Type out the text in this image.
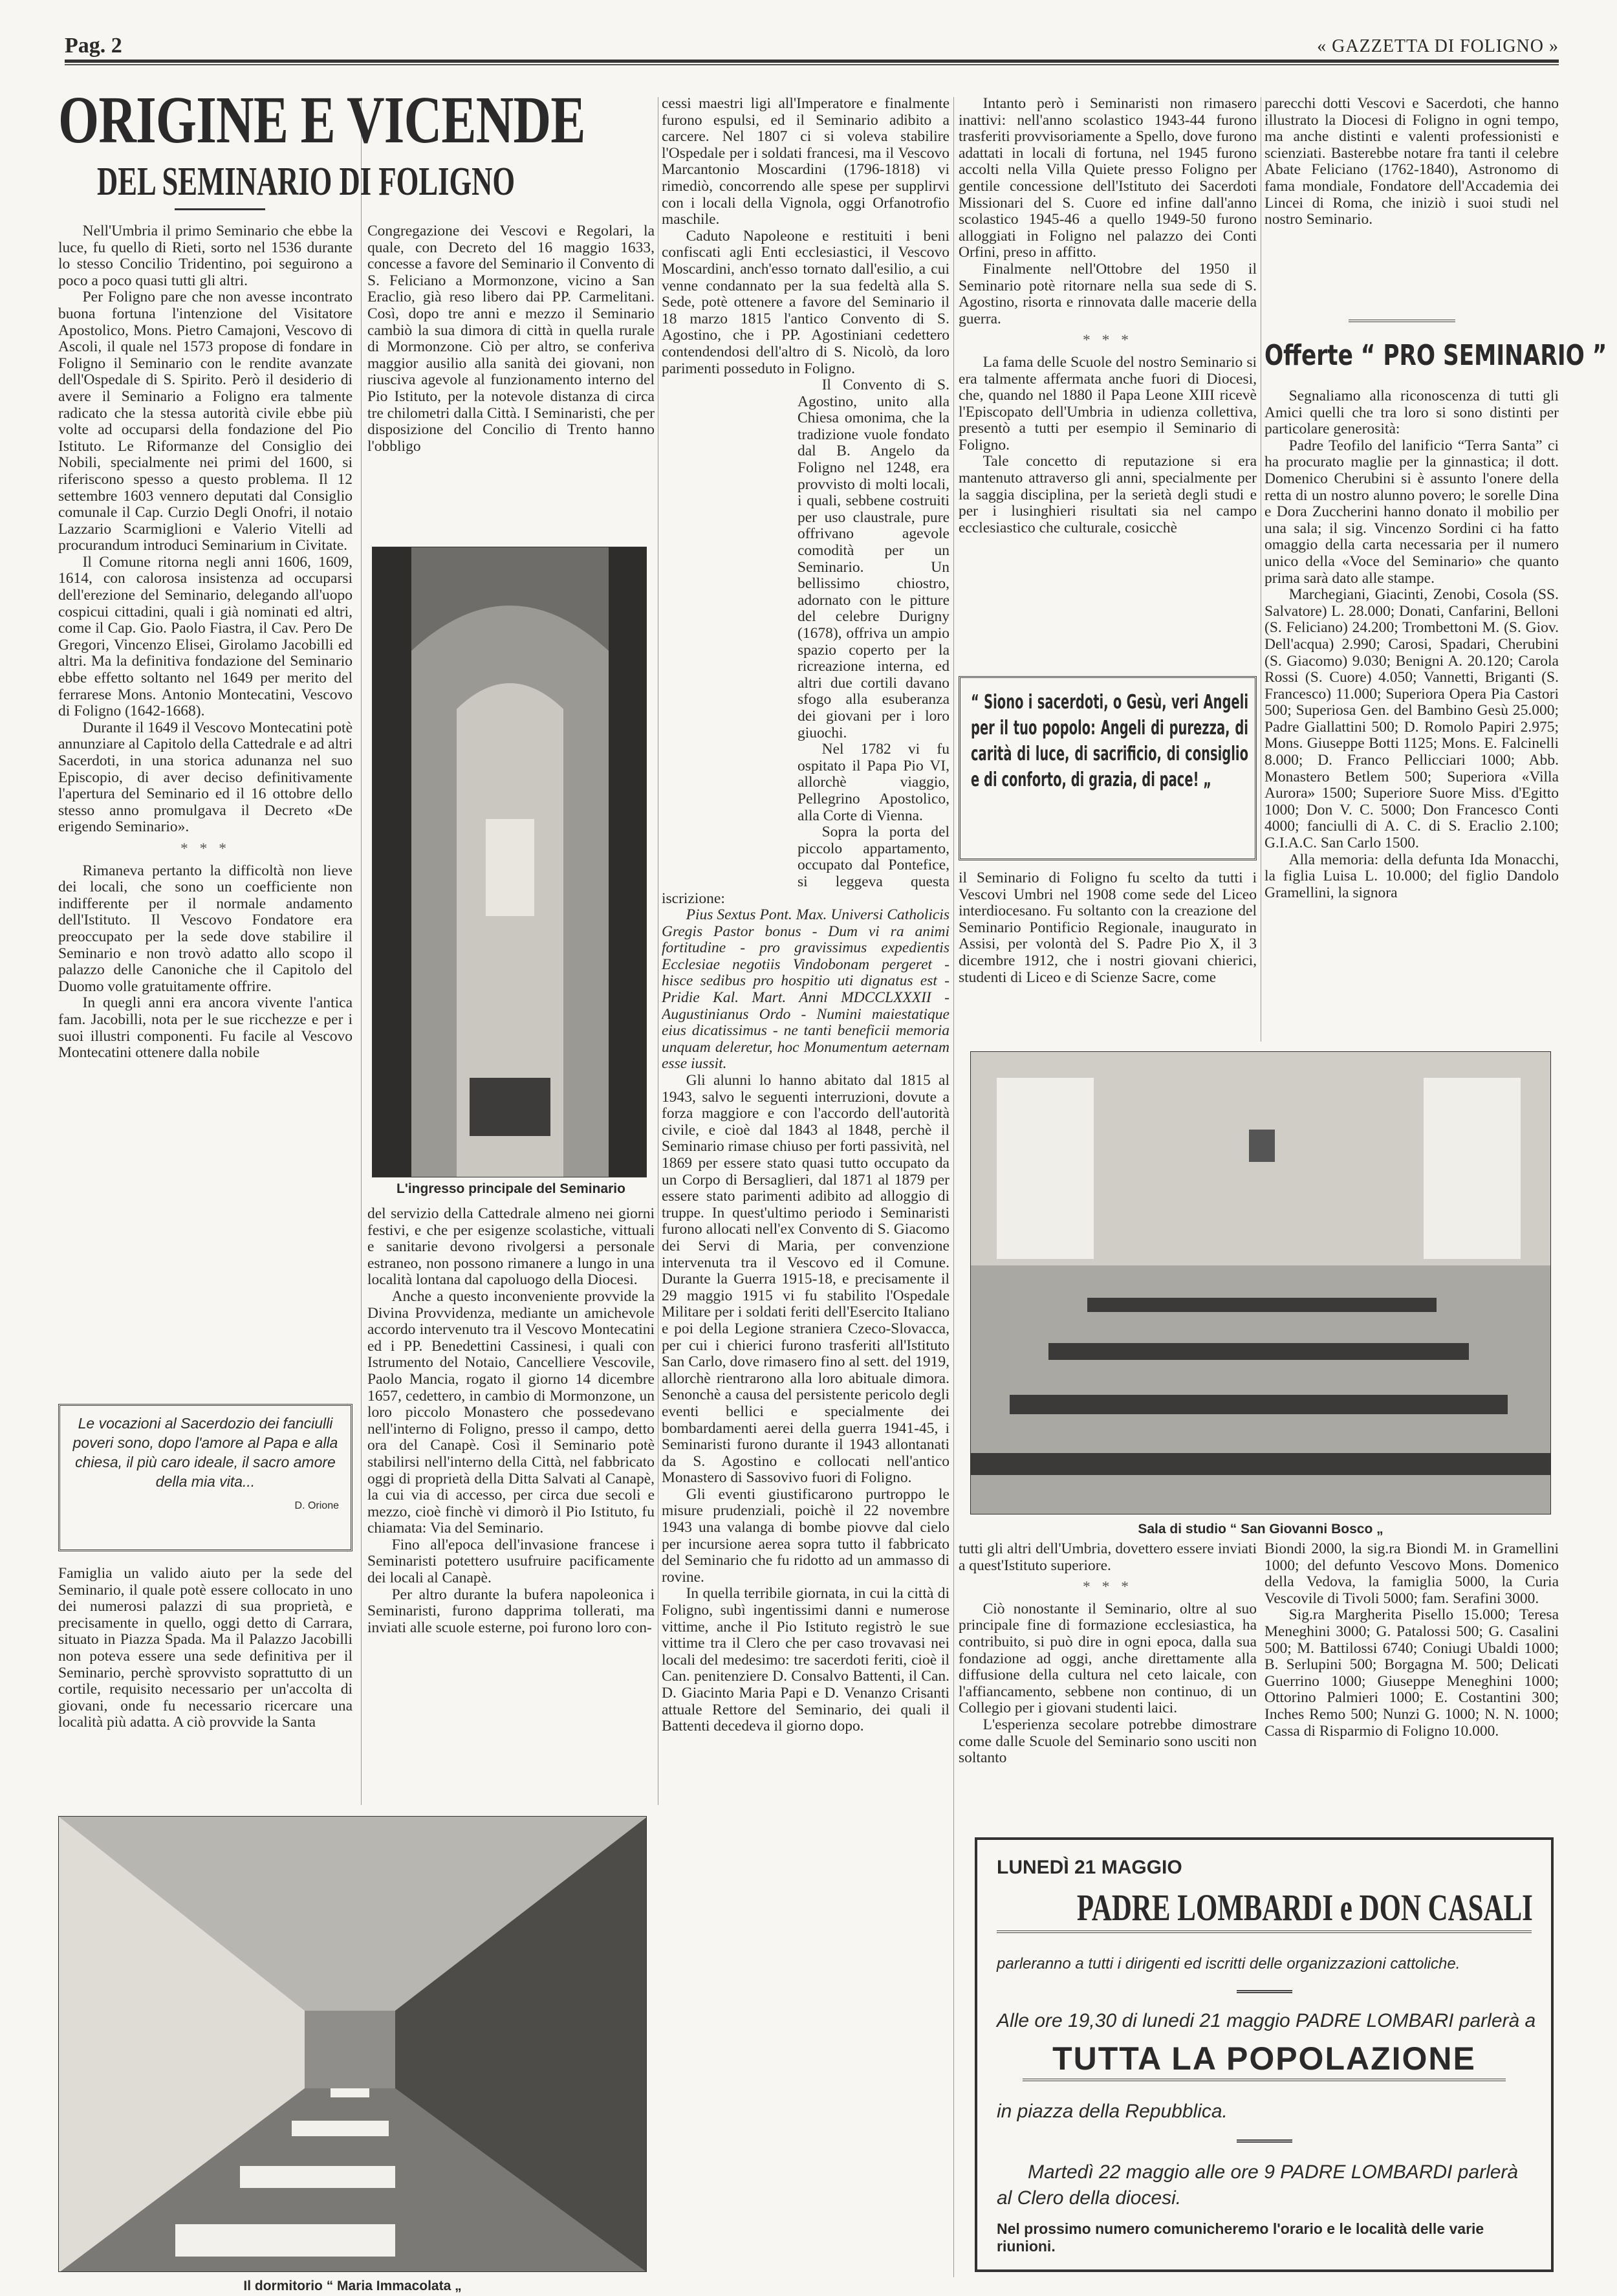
Pag. 2	« GAZZETTA DI FOLIGNO »
ORIGINE E VICENDE
DEL SEMINARIO DI FOLIGNO

Nell'Umbria il primo Seminario che ebbe la luce, fu quello di Rieti, sorto nel 1536 durante lo stesso Concilio Tridentino, poi seguirono a poco a poco quasi tutti gli altri.

Per Foligno pare che non avesse incontrato buona fortuna l'intenzione del Visitatore Apostolico, Mons. Pietro Camajoni, Vescovo di Ascoli, il quale nel 1573 propose di fondare in Foligno il Seminario con le rendite avanzate dell'Ospedale di S. Spirito. Però il desiderio di avere il Seminario a Foligno era talmente radicato che la stessa autorità civile ebbe più volte ad occuparsi della fondazione del Pio Istituto. Le Riformanze del Consiglio dei Nobili, specialmente nei primi del 1600, si riferiscono spesso a questo problema. Il 12 settembre 1603 vennero deputati dal Consiglio comunale il Cap. Curzio Degli Onofri, il notaio Lazzario Scarmiglioni e Valerio Vitelli ad procurandum introduci Seminarium in Civitate.

Il Comune ritorna negli anni 1606, 1609, 1614, con calorosa insistenza ad occuparsi dell'erezione del Seminario, delegando all'uopo cospicui cittadini, quali i già nominati ed altri, come il Cap. Gio. Paolo Fiastra, il Cav. Pero De Gregori, Vincenzo Elisei, Girolamo Jacobilli ed altri. Ma la definitiva fondazione del Seminario ebbe effetto soltanto nel 1649 per merito del ferrarese Mons. Antonio Montecatini, Vescovo di Foligno (1642-1668).

Durante il 1649 il Vescovo Montecatini potè annunziare al Capitolo della Cattedrale e ad altri Sacerdoti, in una storica adunanza nel suo Episcopio, di aver deciso definitivamente l'apertura del Seminario ed il 16 ottobre dello stesso anno promulgava il Decreto «De erigendo Seminario».

* * *

Rimaneva pertanto la difficoltà non lieve dei locali, che sono un coefficiente non indifferente per il normale andamento dell'Istituto. Il Vescovo Fondatore era preoccupato per la sede dove stabilire il Seminario e non trovò adatto allo scopo il palazzo delle Canoniche che il Capitolo del Duomo volle gratuitamente offrire.

In quegli anni era ancora vivente l'antica fam. Jacobilli, nota per le sue ricchezze e per i suoi illustri componenti. Fu facile al Vescovo Montecatini ottenere dalla nobile

Le vocazioni al Sacerdozio dei fanciulli poveri sono, dopo l'amore al Papa e alla chiesa, il più caro ideale, il sacro amore della mia vita...
D. Orione

Famiglia un valido aiuto per la sede del Seminario, il quale potè essere collocato in uno dei numerosi palazzi di sua proprietà, e precisamente in quello, oggi detto di Carrara, situato in Piazza Spada. Ma il Palazzo Jacobilli non poteva essere una sede definitiva per il Seminario, perchè sprovvisto soprattutto di un cortile, requisito necessario per un'accolta di giovani, onde fu necessario ricercare una località più adatta. A ciò provvide la Santa

Congregazione dei Vescovi e Regolari, la quale, con Decreto del 16 maggio 1633, concesse a favore del Seminario il Convento di S. Feliciano a Mormonzone, vicino a San Eraclio, già reso libero dai PP. Carmelitani. Così, dopo tre anni e mezzo il Seminario cambiò la sua dimora di città in quella rurale di Mormonzone. Ciò per altro, se conferiva maggior ausilio alla sanità dei giovani, non riusciva agevole al funzionamento interno del Pio Istituto, per la notevole distanza di circa tre chilometri dalla Città. I Seminaristi, che per disposizione del Concilio di Trento hanno l'obbligo

L'ingresso principale del Seminario

del servizio della Cattedrale almeno nei giorni festivi, e che per esigenze scolastiche, vittuali e sanitarie devono rivolgersi a personale estraneo, non possono rimanere a lungo in una località lontana dal capoluogo della Diocesi.

Anche a questo inconveniente provvide la Divina Provvidenza, mediante un amichevole accordo intervenuto tra il Vescovo Montecatini ed i PP. Benedettini Cassinesi, i quali con Istrumento del Notaio, Cancelliere Vescovile, Paolo Mancia, rogato il giorno 14 dicembre 1657, cedettero, in cambio di Mormonzone, un loro piccolo Monastero che possedevano nell'interno di Foligno, presso il campo, detto ora del Canapè. Così il Seminario potè stabilirsi nell'interno della Città, nel fabbricato oggi di proprietà della Ditta Salvati al Canapè, la cui via di accesso, per circa due secoli e mezzo, cioè finchè vi dimorò il Pio Istituto, fu chiamata: Via del Seminario.

Fino all'epoca dell'invasione francese i Seminaristi potettero usufruire pacificamente dei locali al Canapè.

Per altro durante la bufera napoleonica i Seminaristi, furono dapprima tollerati, ma inviati alle scuole esterne, poi furono loro con-

cessi maestri ligi all'Imperatore e finalmente furono espulsi, ed il Seminario adibito a carcere. Nel 1807 ci si voleva stabilire l'Ospedale per i soldati francesi, ma il Vescovo Marcantonio Moscardini (1796-1818) vi rimediò, concorrendo alle spese per supplirvi con i locali della Vignola, oggi Orfanotrofio maschile.

Caduto Napoleone e restituiti i beni confiscati agli Enti ecclesiastici, il Vescovo Moscardini, anch'esso tornato dall'esilio, a cui venne condannato per la sua fedeltà alla S. Sede, potè ottenere a favore del Seminario il 18 marzo 1815 l'antico Convento di S. Agostino, che i PP. Agostiniani cedettero contendendosi dell'altro di S. Nicolò, da loro parimenti posseduto in Foligno.

Il Convento di S. Agostino, unito alla Chiesa omonima, che la tradizione vuole fondato dal B. Angelo da Foligno nel 1248, era provvisto di molti locali, i quali, sebbene costruiti per uso claustrale, pure offrivano agevole comodità per un Seminario. Un bellissimo chiostro, adornato con le pitture del celebre Durigny (1678), offriva un ampio spazio coperto per la ricreazione interna, ed altri due cortili davano sfogo alla esuberanza dei giovani per i loro giuochi.

Nel 1782 vi fu ospitato il Papa Pio VI, allorchè viaggio, Pellegrino Apostolico, alla Corte di Vienna.

Sopra la porta del piccolo appartamento, occupato dal Pontefice, si leggeva questa iscrizione:

Pius Sextus Pont. Max. Universi Catholicis Gregis Pastor bonus - Dum vi ra animi fortitudine - pro gravissimus expedientis Ecclesiae negotiis Vindobonam pergeret - hisce sedibus pro hospitio uti dignatus est - Pridie Kal. Mart. Anni MDCCLXXXII - Augustinianus Ordo - Numini maiestatique eius dicatissimus - ne tanti beneficii memoria unquam deleretur, hoc Monumentum aeternam esse iussit.

Gli alunni lo hanno abitato dal 1815 al 1943, salvo le seguenti interruzioni, dovute a forza maggiore e con l'accordo dell'autorità civile, e cioè dal 1843 al 1848, perchè il Seminario rimase chiuso per forti passività, nel 1869 per essere stato quasi tutto occupato da un Corpo di Bersaglieri, dal 1871 al 1879 per essere stato parimenti adibito ad alloggio di truppe. In quest'ultimo periodo i Seminaristi furono allocati nell'ex Convento di S. Giacomo dei Servi di Maria, per convenzione intervenuta tra il Vescovo ed il Comune. Durante la Guerra 1915-18, e precisamente il 29 maggio 1915 vi fu stabilito l'Ospedale Militare per i soldati feriti dell'Esercito Italiano e poi della Legione straniera Czeco-Slovacca, per cui i chierici furono trasferiti all'Istituto San Carlo, dove rimasero fino al sett. del 1919, allorchè rientrarono alla loro abituale dimora. Senonchè a causa del persistente pericolo degli eventi bellici e specialmente dei bombardamenti aerei della guerra 1941-45, i Seminaristi furono durante il 1943 allontanati da S. Agostino e collocati nell'antico Monastero di Sassovivo fuori di Foligno.

Gli eventi giustificarono purtroppo le misure prudenziali, poichè il 22 novembre 1943 una valanga di bombe piovve dal cielo per incursione aerea sopra tutto il fabbricato del Seminario che fu ridotto ad un ammasso di rovine.

In quella terribile giornata, in cui la città di Foligno, subì ingentissimi danni e numerose vittime, anche il Pio Istituto registrò le sue vittime tra il Clero che per caso trovavasi nei locali del medesimo: tre sacerdoti feriti, cioè il Can. penitenziere D. Consalvo Battenti, il Can. D. Giacinto Maria Papi e D. Venanzo Crisanti attuale Rettore del Seminario, dei quali il Battenti decedeva il giorno dopo.

Intanto però i Seminaristi non rimasero inattivi: nell'anno scolastico 1943-44 furono trasferiti provvisoriamente a Spello, dove furono adattati in locali di fortuna, nel 1945 furono accolti nella Villa Quiete presso Foligno per gentile concessione dell'Istituto dei Sacerdoti Missionari del S. Cuore ed infine dall'anno scolastico 1945-46 a quello 1949-50 furono alloggiati in Foligno nel palazzo dei Conti Orfini, preso in affitto.

Finalmente nell'Ottobre del 1950 il Seminario potè ritornare nella sua sede di S. Agostino, risorta e rinnovata dalle macerie della guerra.

* * *

La fama delle Scuole del nostro Seminario si era talmente affermata anche fuori di Diocesi, che, quando nel 1880 il Papa Leone XIII ricevè l'Episcopato dell'Umbria in udienza collettiva, presentò a tutti per esempio il Seminario di Foligno.

Tale concetto di reputazione si era mantenuto attraverso gli anni, specialmente per la saggia disciplina, per la serietà degli studi e per i lusinghieri risultati sia nel campo ecclesiastico che culturale, cosicchè

“ Siono i sacerdoti, o Gesù, veri Angeli per il tuo popolo: Angeli di purezza, di carità di luce, di sacrificio, di consiglio e di conforto, di grazia, di pace! „

il Seminario di Foligno fu scelto da tutti i Vescovi Umbri nel 1908 come sede del Liceo interdiocesano. Fu soltanto con la creazione del Seminario Pontificio Regionale, inaugurato in Assisi, per volontà del S. Padre Pio X, il 3 dicembre 1912, che i nostri giovani chierici, studenti di Liceo e di Scienze Sacre, come

parecchi dotti Vescovi e Sacerdoti, che hanno illustrato la Diocesi di Foligno in ogni tempo, ma anche distinti e valenti professionisti e scienziati. Basterebbe notare fra tanti il celebre Abate Feliciano (1762-1840), Astronomo di fama mondiale, Fondatore dell'Accademia dei Lincei di Roma, che iniziò i suoi studi nel nostro Seminario.

Offerte “ PRO SEMINARIO ”

Segnaliamo alla riconoscenza di tutti gli Amici quelli che tra loro si sono distinti per particolare generosità:

Padre Teofilo del lanificio “Terra Santa” ci ha procurato maglie per la ginnastica; il dott. Domenico Cherubini si è assunto l'onere della retta di un nostro alunno povero; le sorelle Dina e Dora Zuccherini hanno donato il mobilio per una sala; il sig. Vincenzo Sordini ci ha fatto omaggio della carta necessaria per il numero unico della «Voce del Seminario» che quanto prima sarà dato alle stampe.

Marchegiani, Giacinti, Zenobi, Cosola (SS. Salvatore) L. 28.000; Donati, Canfarini, Belloni (S. Feliciano) 24.200; Trombettoni M. (S. Giov. Dell'acqua) 2.990; Carosi, Spadari, Cherubini (S. Giacomo) 9.030; Benigni A. 20.120; Carola Rossi (S. Cuore) 4.050; Vannetti, Briganti (S. Francesco) 11.000; Superiora Opera Pia Castori 500; Superiosa Gen. del Bambino Gesù 25.000; Padre Giallattini 500; D. Romolo Papiri 2.975; Mons. Giuseppe Botti 1125; Mons. E. Falcinelli 8.000; D. Franco Pellicciari 1000; Abb. Monastero Betlem 500; Superiora «Villa Aurora» 1500; Superiore Suore Miss. d'Egitto 1000; Don V. C. 5000; Don Francesco Conti 4000; fanciulli di A. C. di S. Eraclio 2.100; G.I.A.C. San Carlo 1500.

Alla memoria: della defunta Ida Monacchi, la figlia Luisa L. 10.000; del figlio Dandolo Gramellini, la signora

Sala di studio “ San Giovanni Bosco „

tutti gli altri dell'Umbria, dovettero essere inviati a quest'Istituto superiore.

* * *

Ciò nonostante il Seminario, oltre al suo principale fine di formazione ecclesiastica, ha contribuito, si può dire in ogni epoca, dalla sua fondazione ad oggi, anche direttamente alla diffusione della cultura nel ceto laicale, con l'affiancamento, sebbene non continuo, di un Collegio per i giovani studenti laici.

L'esperienza secolare potrebbe dimostrare come dalle Scuole del Seminario sono usciti non soltanto

Biondi 2000, la sig.ra Biondi M. in Gramellini 1000; del defunto Vescovo Mons. Domenico della Vedova, la famiglia 5000, la Curia Vescovile di Tivoli 5000; fam. Serafini 3000.

Sig.ra Margherita Pisello 15.000; Teresa Meneghini 3000; G. Patalossi 500; G. Casalini 500; M. Battilossi 6740; Coniugi Ubaldi 1000; B. Serlupini 500; Borgagna M. 500; Delicati Guerrino 1000; Giuseppe Meneghini 1000; Ottorino Palmieri 1000; E. Costantini 300; Inches Remo 500; Nunzi G. 1000; N. N. 1000; Cassa di Risparmio di Foligno 10.000.

Il dormitorio “ Maria Immacolata „
LUNEDÌ 21 MAGGIO
PADRE LOMBARDI e DON CASALI
parleranno a tutti i dirigenti ed iscritti delle organizzazioni cattoliche.
Alle ore 19,30 di lunedi 21 maggio PADRE LOMBARI parlerà a
TUTTA LA POPOLAZIONE
in piazza della Repubblica.
Martedì 22 maggio alle ore 9 PADRE LOMBARDI parlerà al Clero della diocesi.
Nel prossimo numero comunicheremo l'orario e le località delle varie riunioni.
